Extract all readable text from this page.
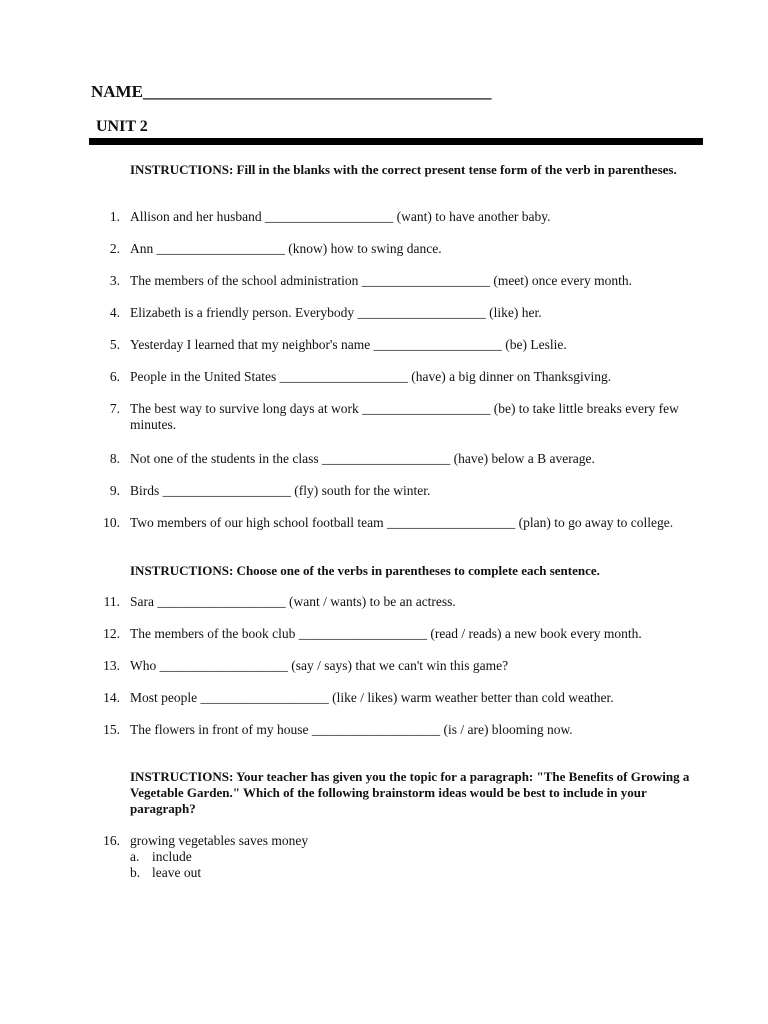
NAME_________________________________________
UNIT 2
INSTRUCTIONS: Fill in the blanks with the correct present tense form of the verb in parentheses.
1. Allison and her husband ___________________ (want) to have another baby.
2. Ann ___________________ (know) how to swing dance.
3. The members of the school administration ___________________ (meet) once every month.
4. Elizabeth is a friendly person. Everybody ___________________ (like) her.
5. Yesterday I learned that my neighbor's name ___________________ (be) Leslie.
6. People in the United States ___________________ (have) a big dinner on Thanksgiving.
7. The best way to survive long days at work ___________________ (be) to take little breaks every few minutes.
8. Not one of the students in the class ___________________ (have) below a B average.
9. Birds ___________________ (fly) south for the winter.
10. Two members of our high school football team ___________________ (plan) to go away to college.
INSTRUCTIONS: Choose one of the verbs in parentheses to complete each sentence.
11. Sara ___________________ (want / wants) to be an actress.
12. The members of the book club ___________________ (read / reads) a new book every month.
13. Who ___________________ (say / says) that we can't win this game?
14. Most people ___________________ (like / likes) warm weather better than cold weather.
15. The flowers in front of my house ___________________ (is / are) blooming now.
INSTRUCTIONS: Your teacher has given you the topic for a paragraph: "The Benefits of Growing a Vegetable Garden." Which of the following brainstorm ideas would be best to include in your paragraph?
16. growing vegetables saves money
a. include
b. leave out
